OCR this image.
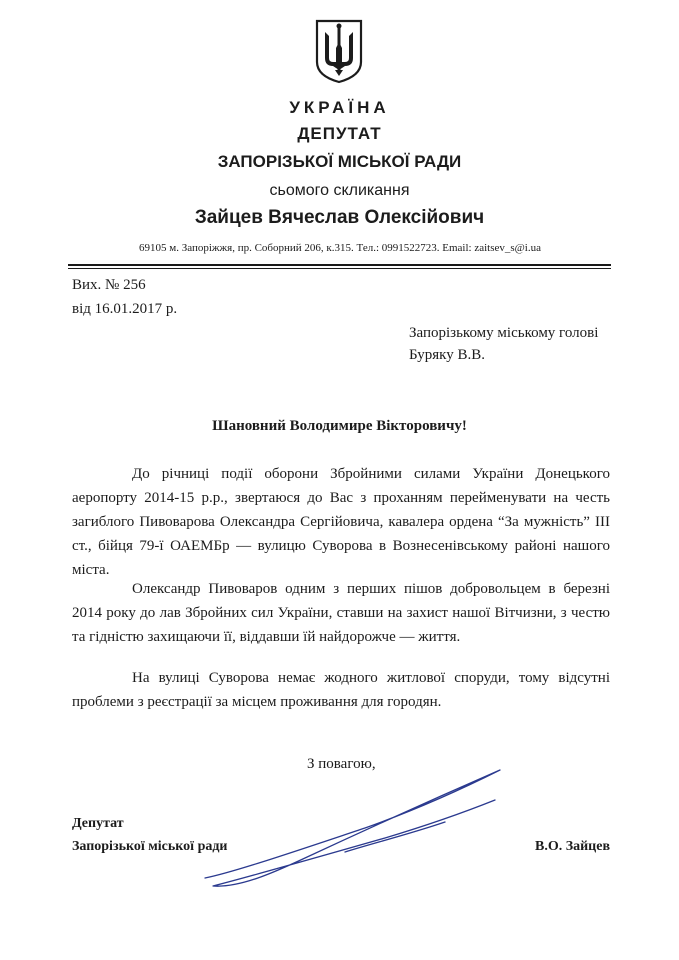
УКРАЇНА
ДЕПУТАТ
ЗАПОРІЗЬКОЇ МІСЬКОЇ РАДИ
сьомого скликання
Зайцев Вячеслав Олексійович
69105 м. Запоріжжя, пр. Соборний 206, к.315. Тел.: 0991522723. Email: zaitsev_s@i.ua
Вих. № 256
від 16.01.2017 р.
Запорізькому міському голові
Буряку В.В.
Шановний Володимире Вікторовичу!

До річниці події оборони Збройними силами України Донецького аеропорту 2014-15 р.р., звертаюся до Вас з проханням перейменувати на честь загиблого Пивоварова Олександра Сергійовича, кавалера ордена “За мужність” III ст., бійця 79-ї ОАЕМБр — вулицю Суворова в Вознесенівському районі нашого міста.

Олександр Пивоваров одним з перших пішов добровольцем в березні 2014 року до лав Збройних сил України, ставши на захист нашої Вітчизни, з честю та гідністю захищаючи її, віддавши їй найдорожче — життя.

На вулиці Суворова немає жодного житлової споруди, тому відсутні проблеми з реєстрації за місцем проживання для городян.

З повагою,
Депутат
Запорізької міської ради	В.О. Зайцев
